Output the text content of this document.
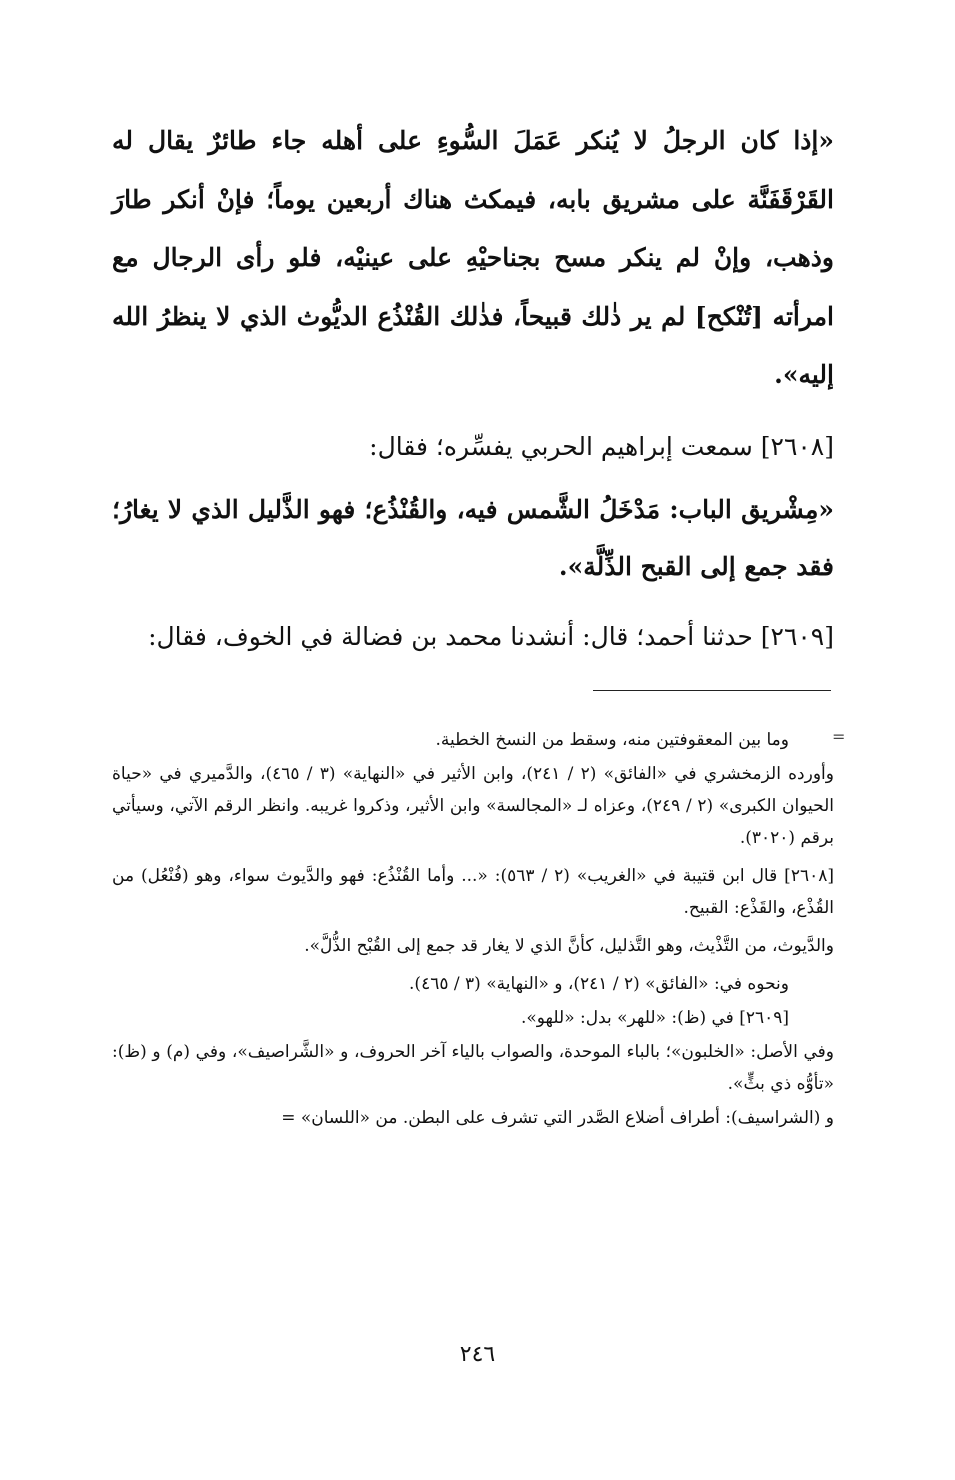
«إذا كان الرجلُ لا يُنكر عَمَلَ السُّوءِ على أهله جاء طائرٌ يقال له القَرْقَفَنَّة على مشريق بابه، فيمكث هناك أربعين يوماً؛ فإنْ أنكر طارَ وذهب، وإنْ لم ينكر مسح بجناحيْهِ على عينيْه، فلو رأى الرجال مع امرأته [تُنْكح] لم ير ذٰلك قبيحاً، فذٰلك القُنْذُع الديُّوث الذي لا ينظرُ الله إليه».

[٢٦٠٨] سمعت إبراهيم الحربي يفسِّره؛ فقال:

«مِشْريق الباب: مَدْخَلُ الشَّمس فيه، والقُنْذُع؛ فهو الذَّليل الذي لا يغارُ؛ فقد جمع إلى القبح الذِّلَّة».

[٢٦٠٩] حدثنا أحمد؛ قال: أنشدنا محمد بن فضالة في الخوف، فقال:

=

وما بين المعقوفتين منه، وسقط من النسخ الخطية.

وأورده الزمخشري في «الفائق» (٢ / ٢٤١)، وابن الأثير في «النهاية» (٣ / ٤٦٥)، والدَّميري في «حياة الحيوان الكبرى» (٢ / ٢٤٩)، وعزاه لـ «المجالسة» وابن الأثير، وذكروا غريبه. وانظر الرقم الآتي، وسيأتي برقم (٣٠٢٠).

[٢٦٠٨] قال ابن قتيبة في «الغريب» (٢ / ٥٦٣): «... وأما القُنْذُع: فهو والدَّيوث سواء، وهو (فُنْعُل) من القُذْع، والقَذْع: القبيح.

والدَّيوث، من التَّذْيث، وهو التَّذليل، كأنَّ الذي لا يغار قد جمع إلى القُبْح الذُّلَّ».

ونحوه في: «الفائق» (٢ / ٢٤١)، و «النهاية» (٣ / ٤٦٥).

[٢٦٠٩] في (ظ): «للهر» بدل: «للهو».

وفي الأصل: «الخلبون»؛ بالباء الموحدة، والصواب بالياء آخر الحروف، و «الشَّراصيف»، وفي (م) و (ظ): «تأوُّه ذي بثٍّ».

و (الشراسيف): أطراف أضلاع الصَّدر التي تشرف على البطن. من «اللسان» =

٢٤٦
